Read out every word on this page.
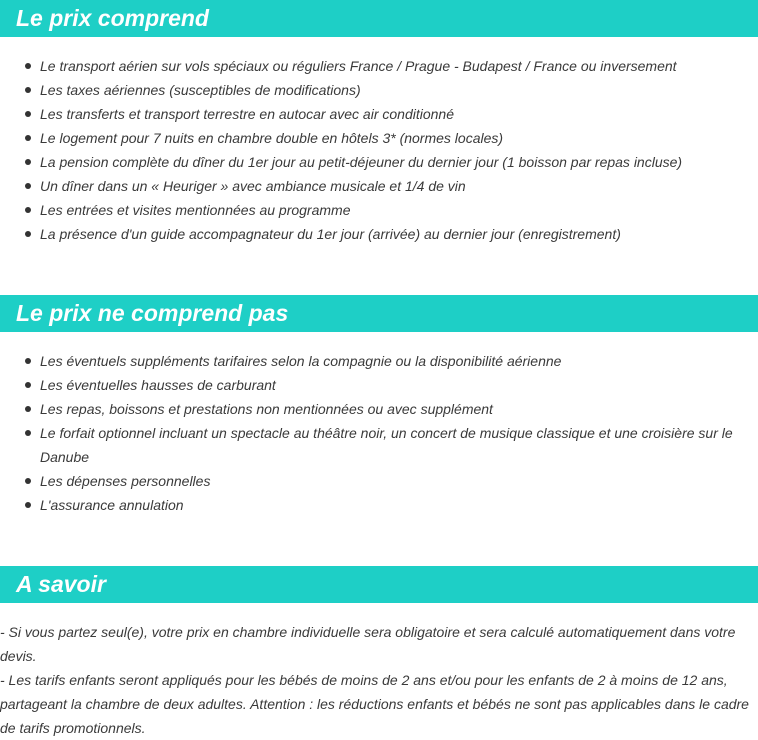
Le prix comprend
Le transport aérien sur vols spéciaux ou réguliers France / Prague - Budapest / France ou inversement
Les taxes aériennes (susceptibles de modifications)
Les transferts et transport terrestre en autocar avec air conditionné
Le logement pour 7 nuits en chambre double en hôtels 3* (normes locales)
La pension complète du dîner du 1er jour au petit-déjeuner du dernier jour (1 boisson par repas incluse)
Un dîner dans un « Heuriger » avec ambiance musicale et 1/4 de vin
Les entrées et visites mentionnées au programme
La présence d'un guide accompagnateur du 1er jour (arrivée) au dernier jour (enregistrement)
Le prix ne comprend pas
Les éventuels suppléments tarifaires selon la compagnie ou la disponibilité aérienne
Les éventuelles hausses de carburant
Les repas, boissons et prestations non mentionnées ou avec supplément
Le forfait optionnel incluant un spectacle au théâtre noir, un concert de musique classique et une croisière sur le Danube
Les dépenses personnelles
L'assurance annulation
A savoir

- Si vous partez seul(e), votre prix en chambre individuelle sera obligatoire et sera calculé automatiquement dans votre devis.

- Les tarifs enfants seront appliqués pour les bébés de moins de 2 ans et/ou pour les enfants de 2 à moins de 12 ans, partageant la chambre de deux adultes. Attention : les réductions enfants et bébés ne sont pas applicables dans le cadre de tarifs promotionnels.
